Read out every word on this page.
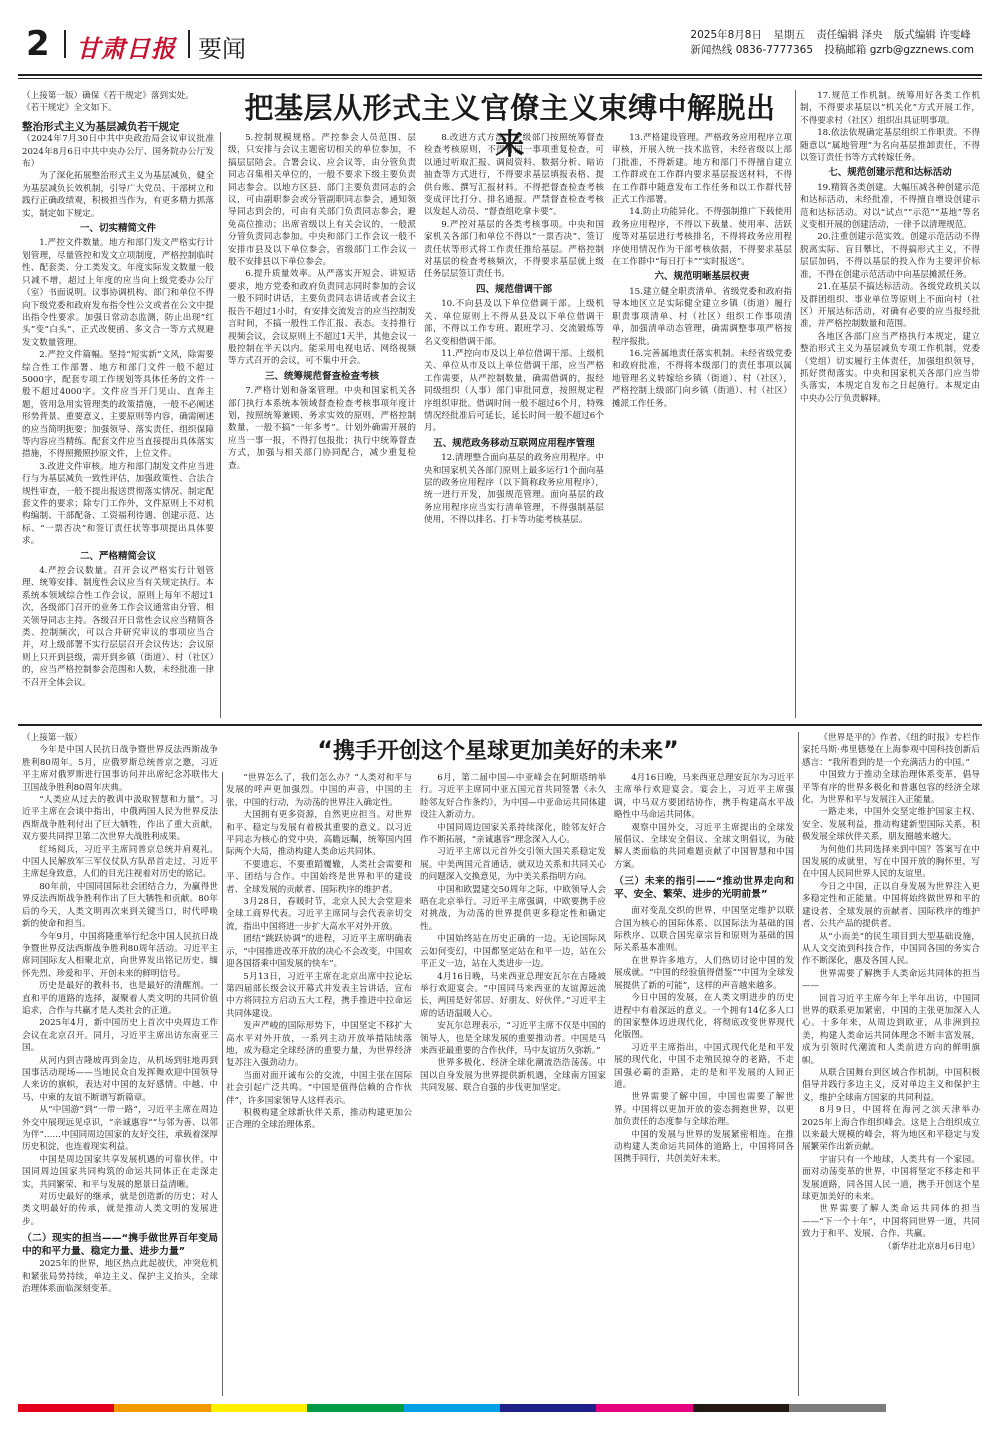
2 甘肃日报 要闻	2025年8月8日 星期五 责任编辑 泽央 版式编辑 许雯峰
新闻热线 0836-7777365 投稿邮箱 gzrb@gzznews.com
把基层从形式主义官僚主义束缚中解脱出来

（上接第一版）确保《若干规定》落到实处。

《若干规定》全文如下。

整治形式主义为基层减负若干规定

（2024年7月30日中共中央政治局会议审议批准 2024年8月6日中共中央办公厅、国务院办公厅发布）

为了深化拓展整治形式主义为基层减负，健全为基层减负长效机制，引导广大党员、干部树立和践行正确政绩观，积极担当作为，有更多精力抓落实，制定如下规定。

一、切实精简文件

1.严控文件数量。地方和部门发文严格实行计划管理，尽量管控和发文立项制度，严格控制临时性、配套类、分工类发文。年度实际发文数量一般只减不增，超过上年度的应当向上级党委办公厅（室）书面说明。议事协调机构、部门和单位不得向下级党委和政府发布指令性公文或者在公文中提出指令性要求。加强日常动态监测，防止出现“红头”变“白头”、正式改便函、多文合一等方式规避发文数量管理。

2.严控文件篇幅。坚持“短实新”文风，除需要综合性工作部署、地方和部门文件一般不超过5000字，配套专项工作规划等具体任务的文件一般不超过4000字。文件应当开门见山、直奔主题，管用急用实管理类的政策措施，一般不必阐述形势背景、重要意义、主要原则等内容，确需阐述的应当简明扼要；加强领导、落实责任、组织保障等内容应当精练。配套文件应当直接提出具体落实措施，不得照搬照抄原文件，上位文件。

3.改进文件审核。地方和部门制发文件应当进行与为基层减负一致性评估，加强政策性、合法合规性审查，一般不提出报送贯彻落实情况、制定配套文件的要求；除专门工作外，文件原则上不对机构编制、干部配备、工资福利待遇、创建示范、达标、“一票否决”和签订责任状等事项提出具体要求。

二、严格精简会议

4.严控会议数量。召开会议严格实行计划管理、统筹安排、制度性会议应当有关规定执行。本系统本领域综合性工作会议，原则上每年不超过1次，各级部门召开的业务工作会议通常由分管、相关领导同志主持。各级召开日常性会议应当精简各类、控制频次，可以合并研究审议的事项应当合并，对上级部署不实行层层召开会议传达；会议原则上只开到县级，需开到乡镇（街道）、村（社区）的，应当严格控制参会范围和人数，未经批准一律不召开全体会议。

5.控制规模规格。严控参会人员范围、层级，只安排与会议主题密切相关的单位参加，不搞层层陪会。合署会议、应会议等，由分管负责同志召集相关单位的，一般不要求下级主要负责同志参会。以地方区县、部门主要负责同志的会议，可由副职参会或分管副职同志参会，通知领导同志到会的，可由有关部门负责同志参会，避免高位推动；出席省级以上有关会议的，一般派分管负责同志参加。中央和部门工作会议一般不安排市县及以下单位参会，省级部门工作会议一般不安排县以下单位参会。

6.提升质量效率。从严落实开短会、讲短话要求，地方党委和政府负责同志同时参加的会议一般不同时讲话，主要负责同志讲话或者会议主报告不超过1小时，有安排交流发言的应当控制发言时间，不搞一般性工作汇报、表态。支持推行视频会议，会议原则上不超过1天半，其他会议一般控制在半天以内。能采用电视电话、网络视频等方式召开的会议，可不集中开会。

三、统筹规范督查检查考核

7.严格计划和备案管理。中央和国家机关各部门执行本系统本领域督查检查考核事项年度计划，按照统筹兼顾、务求实效的原则，严格控制数量，一般不搞“一年多考”。计划外确需开展的应当一事一报，不得打包报批；执行中统筹督查方式，加强与相关部门协同配合，减少重复检查。

8.改进方式方法。上级部门按照统筹督查检查考核原则，不得对同一事项重复检查，可以通过听取汇报、调阅资料、数据分析、暗访抽查等方式进行，不得要求基层填报表格、提供台账、撰写汇报材料。不得把督查检查考核变成评比打分、排名通报。严禁督查检查考核以发起人动员、“督查组吃拿卡要”。

9.严控对基层的各类考核事项。中央和国家机关各部门和单位不得以“一票否决”、签订责任状等形式将工作责任推给基层。严格控制对基层的检查考核频次，不得要求基层就上级任务层层签订责任书。

四、规范借调干部

10.不向县及以下单位借调干部。上级机关、单位原则上不得从县及以下单位借调干部，不得以工作专班、跟班学习、交流锻炼等名义变相借调干部。

11.严控向市及以上单位借调干部。上级机关、单位从市及以上单位借调干部，应当严格工作需要，从严控制数量，确需借调的，报经同级组织（人事）部门审批同意，按照规定程序组织审批。借调时间一般不超过6个月，特殊情况经批准后可延长，延长时间一般不超过6个月。

五、规范政务移动互联网应用程序管理

12.清理整合面向基层的政务应用程序。中央和国家机关各部门原则上最多运行1个面向基层的政务应用程序（以下简称政务应用程序），统一进行开发，加强规范管理。面向基层的政务应用程序应当实行清单管理，不得强制基层使用，不得以排名、打卡等功能考核基层。

13.严格建设管理。严格政务应用程序立项审核，开展入统一技术监管，未经省级以上部门批准，不得新建。地方和部门不得擅自建立工作群或在工作群内要求基层报送材料，不得在工作群中随意发布工作任务和以工作群代替正式工作部署。

14.防止功能异化。不得强制推广下载使用政务应用程序，不得以下载量、使用率、活跃度等对基层进行考核排名，不得将政务应用程序使用情况作为干部考核依据，不得要求基层在工作群中“每日打卡”“实时报送”。

六、规范明晰基层权责

15.建立健全职责清单。省级党委和政府指导本地区立足实际健全建立乡镇（街道）履行职责事项清单、村（社区）组织工作事项清单，加强清单动态管理，确需调整事项严格按程序报批。

16.完善属地责任落实机制。未经省级党委和政府批准，不得将本级部门的责任事项以属地管理名义转嫁给乡镇（街道）、村（社区），严格控制上级部门向乡镇（街道）、村（社区）摊派工作任务。

17.规范工作机制。统筹用好各类工作机制，不得要求基层以“机关化”方式开展工作，不得要求村（社区）组织出具证明事项。

18.依法依规确定基层组织工作职责。不得随意以“属地管理”为名向基层推卸责任，不得以签订责任书等方式转嫁任务。

七、规范创建示范和达标活动

19.精简各类创建。大幅压减各种创建示范和达标活动，未经批准，不得擅自增设创建示范和达标活动。对以“试点”“示范”“基地”等名义变相开展的创建活动，一律予以清理规范。

20.注重创建示范实效。创建示范活动不得脱离实际、盲目攀比，不得搞形式主义，不得层层加码，不得以基层的投入作为主要评价标准，不得在创建示范活动中向基层摊派任务。

21.在基层不搞达标活动。各级党政机关以及群团组织、事业单位等原则上不面向村（社区）开展达标活动，对确有必要的应当报经批准，并严格控制数量和范围。

各地区各部门应当严格执行本规定，建立整治形式主义为基层减负专项工作机制，党委（党组）切实履行主体责任，加强组织领导，抓好贯彻落实。中央和国家机关各部门应当带头落实，本规定自发布之日起施行。本规定由中央办公厅负责解释。

“携手开创这个星球更加美好的未来”

（上接第一版）

今年是中国人民抗日战争暨世界反法西斯战争胜利80周年。5月，应俄罗斯总统普京之邀，习近平主席对俄罗斯进行国事访问并出席纪念苏联伟大卫国战争胜利80周年庆典。

“人类应从过去的教训中汲取智慧和力量”。习近平主席在会谈中指出，中俄两国人民为世界反法西斯战争胜利付出了巨大牺牲，作出了重大贡献，双方要共同捍卫第二次世界大战胜利成果。

红场阅兵，习近平主席同普京总统并肩观礼。中国人民解放军三军仪仗队方队昂首走过，习近平主席起身致意，人们的目光注视着对历史的铭记。

80年前，中国同国际社会团结合力，为赢得世界反法西斯战争胜利作出了巨大牺牲和贡献。80年后的今天，人类文明再次来到关键当口，时代呼唤新的使命和担当。

今年9月，中国将隆重举行纪念中国人民抗日战争暨世界反法西斯战争胜利80周年活动。习近平主席同国际友人相聚北京，向世界发出铭记历史、缅怀先烈、珍爱和平、开创未来的鲜明信号。

历史是最好的教科书，也是最好的清醒剂。一直和平的道路的选择，凝聚着人类文明的共同价值追求，合作与共赢才是人类社会的正道。

2025年4月，新中国历史上首次中央周边工作会议在北京召开。同月，习近平主席出访东南亚三国。

从河内到吉隆坡再到金边，从机场到驻地再到国事活动现场——当地民众自发挥舞欢迎中国领导人来访的旗帜，表达对中国的友好感情。中越、中马、中柬的友谊不断谱写新篇章。

从“中国游”到“一带一路”，习近平主席在周边外交中展现远见卓识，“亲诚惠容”“与邻为善、以邻为伴”……中国同周边国家的友好交往，承载着深厚历史积淀，也连着现实利益。

中国是周边国家共享发展机遇的可靠伙伴。中国同周边国家共同构筑的命运共同体正在走深走实，共同繁荣、和平与发展的愿景日益清晰。

对历史最好的继承，就是创造新的历史；对人类文明最好的传承，就是推动人类文明的发展进步。

（二）现实的担当——“携手做世界百年变局中的和平力量、稳定力量、进步力量”

2025年的世界，地区热点此起彼伏，冲突危机和紧张局势持续，单边主义、保护主义抬头，全球治理体系面临深刻变革。

“世界怎么了，我们怎么办？”人类对和平与发展的呼声更加强烈。中国的声音，中国的主张，中国的行动，为动荡的世界注入确定性。

大国拥有更多资源，自然更应担当。对世界和平、稳定与发展有着极其重要的意义。以习近平同志为核心的党中央，高瞻远瞩，统筹国内国际两个大局，推动构建人类命运共同体。

不要遗忘，不要重蹈覆辙，人类社会需要和平、团结与合作。中国始终是世界和平的建设者、全球发展的贡献者、国际秩序的维护者。

3月28日，春暖时节，北京人民大会堂迎来全球工商界代表。习近平主席同与会代表亲切交流，指出中国将进一步扩大高水平对外开放。

团结“跳跃协调”的进程，习近平主席明确表示，“中国推进改革开放的决心不会改变，中国欢迎各国搭乘中国发展的快车”。

5月13日，习近平主席在北京出席中拉论坛第四届部长级会议开幕式并发表主旨讲话，宣布中方将同拉方启动五大工程，携手推进中拉命运共同体建设。

发声严峻的国际形势下，中国坚定不移扩大高水平对外开放，一系列主动开放举措陆续落地，成为稳定全球经济的重要力量，为世界经济复苏注入强劲动力。

当面对面开诚布公的交流，中国主张在国际社会引起广泛共鸣。“中国是值得信赖的合作伙伴”，许多国家领导人这样表示。

积极构建全球新伙伴关系，推动构建更加公正合理的全球治理体系。

6月，第二届中国—中亚峰会在阿斯塔纳举行。习近平主席同中亚五国元首共同签署《永久睦邻友好合作条约》，为中国—中亚命运共同体建设注入新动力。

中国同周边国家关系持续深化，睦邻友好合作不断拓展，“亲诚惠容”理念深入人心。

习近平主席以元首外交引领大国关系稳定发展。中美两国元首通话，就双边关系和共同关心的问题深入交换意见，为中美关系指明方向。

中国和欧盟建交50周年之际，中欧领导人会晤在北京举行。习近平主席强调，中欧要携手应对挑战，为动荡的世界提供更多稳定性和确定性。

中国始终站在历史正确的一边。无论国际风云如何变幻，中国都坚定站在和平一边，站在公平正义一边，站在人类进步一边。

4月16日晚，马来西亚总理安瓦尔在吉隆坡举行欢迎宴会。“中国同马来西亚的友谊源远流长，两国是好邻居、好朋友、好伙伴。”习近平主席的话语温暖人心。

安瓦尔总理表示，“习近平主席不仅是中国的领导人，也是全球发展的重要推动者。中国是马来西亚最重要的合作伙伴，马中友谊历久弥新。”

世界多极化、经济全球化潮流浩浩荡荡。中国以自身发展为世界提供新机遇，全球南方国家共同发展、联合自强的步伐更加坚定。

4月16日晚，马来西亚总理安瓦尔为习近平主席举行欢迎宴会。宴会上，习近平主席强调，中马双方要团结协作，携手构建高水平战略性中马命运共同体。

观察中国外交，习近平主席提出的全球发展倡议、全球安全倡议、全球文明倡议，为破解人类面临的共同难题贡献了中国智慧和中国方案。

（三）未来的指引——“推动世界走向和平、安全、繁荣、进步的光明前景”

面对变乱交织的世界，中国坚定维护以联合国为核心的国际体系、以国际法为基础的国际秩序、以联合国宪章宗旨和原则为基础的国际关系基本准则。

在世界许多地方，人们热切讨论中国的发展成就。“中国的经验值得借鉴”“中国为全球发展提供了新的可能”，这样的声音越来越多。

今日中国的发展，在人类文明进步的历史进程中有着深远的意义。一个拥有14亿多人口的国家整体迈进现代化，将彻底改变世界现代化版图。

习近平主席指出，中国式现代化是和平发展的现代化，中国不走殖民掠夺的老路，不走国强必霸的歪路，走的是和平发展的人间正道。

世界需要了解中国，中国也需要了解世界。中国将以更加开放的姿态拥抱世界，以更加负责任的态度参与全球治理。

中国的发展与世界的发展紧密相连。在推动构建人类命运共同体的道路上，中国将同各国携手同行，共创美好未来。

《世界是平的》作者、《纽约时报》专栏作家托马斯·弗里德曼在上海参观中国科技创新后感言：“我所看到的是一个充满活力的中国。”

中国致力于推动全球治理体系变革，倡导平等有序的世界多极化和普惠包容的经济全球化，为世界和平与发展注入正能量。

一路走来，中国外交坚定维护国家主权、安全、发展利益，推动构建新型国际关系，积极发展全球伙伴关系，朋友圈越来越大。

为何他们共同选择来到中国？答案写在中国发展的成就里，写在中国开放的胸怀里，写在中国人民同世界人民的友谊里。

今日之中国，正以自身发展为世界注入更多稳定性和正能量。中国将始终做世界和平的建设者、全球发展的贡献者、国际秩序的维护者、公共产品的提供者。

从“小而美”的民生项目到大型基础设施，从人文交流到科技合作，中国同各国的务实合作不断深化，惠及各国人民。

世界需要了解携手人类命运共同体的担当——

回首习近平主席今年上半年出访，中国同世界的联系更加紧密，中国的主张更加深入人心。十多年来，从周边到欧亚，从非洲到拉美，构建人类命运共同体理念不断丰富发展，成为引领时代潮流和人类前进方向的鲜明旗帜。

从联合国舞台到区域合作机制，中国积极倡导并践行多边主义，反对单边主义和保护主义，维护全球南方国家的共同利益。

8月9日，中国将在海河之滨天津举办2025年上海合作组织峰会。这是上合组织成立以来最大规模的峰会，将为地区和平稳定与发展繁荣作出新贡献。

宇宙只有一个地球，人类共有一个家园。面对动荡变革的世界，中国将坚定不移走和平发展道路，同各国人民一道，携手开创这个星球更加美好的未来。

世界需要了解人类命运共同体的担当——“下一个十年”，中国将同世界一道，共同致力于和平、发展、合作、共赢。

（新华社北京8月6日电）
